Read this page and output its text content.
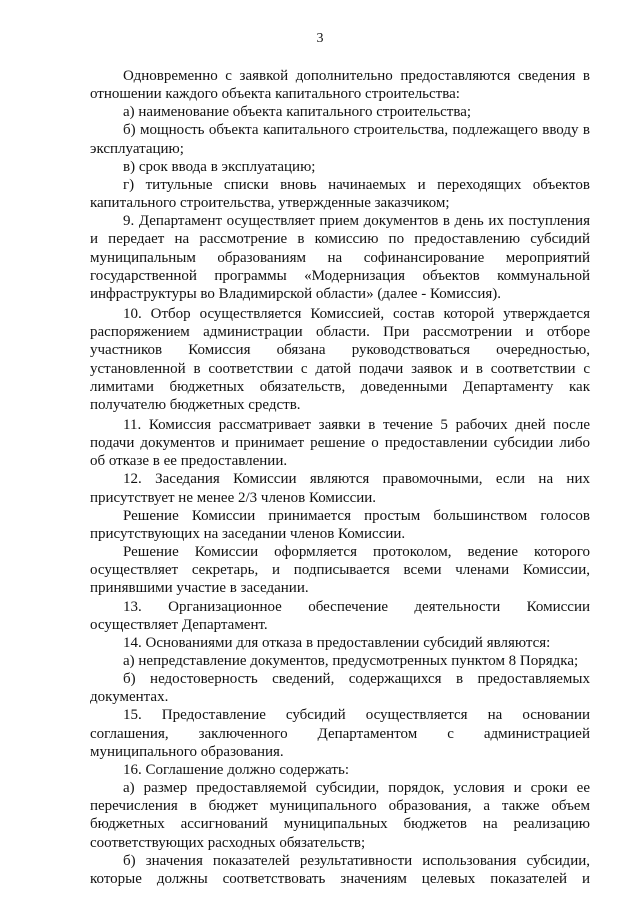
3

Одновременно с заявкой дополнительно предоставляются сведения в отношении каждого объекта капитального строительства:

а) наименование объекта капитального строительства;

б) мощность объекта капитального строительства, подлежащего вводу в эксплуатацию;

в) срок ввода в эксплуатацию;

г) титульные списки вновь начинаемых и переходящих объектов капитального строительства, утвержденные заказчиком;

9. Департамент осуществляет прием документов в день их поступления и передает на рассмотрение в комиссию по предоставлению субсидий муниципальным образованиям на софинансирование мероприятий государственной программы «Модернизация объектов коммунальной инфраструктуры во Владимирской области» (далее - Комиссия).

10. Отбор осуществляется Комиссией, состав которой утверждается распоряжением администрации области. При рассмотрении и отборе участников Комиссия обязана руководствоваться очередностью, установленной в соответствии с датой подачи заявок и в соответствии с лимитами бюджетных обязательств, доведенными Департаменту как получателю бюджетных средств.

11. Комиссия рассматривает заявки в течение 5 рабочих дней после подачи документов и принимает решение о предоставлении субсидии либо об отказе в ее предоставлении.

12. Заседания Комиссии являются правомочными, если на них присутствует не менее 2/3 членов Комиссии.

Решение Комиссии принимается простым большинством голосов присутствующих на заседании членов Комиссии.

Решение Комиссии оформляется протоколом, ведение которого осуществляет секретарь, и подписывается всеми членами Комиссии, принявшими участие в заседании.

13. Организационное обеспечение деятельности Комиссии осуществляет Департамент.

14. Основаниями для отказа в предоставлении субсидий являются:

а) непредставление документов, предусмотренных пунктом 8 Порядка;

б) недостоверность сведений, содержащихся в предоставляемых документах.

15. Предоставление субсидий осуществляется на основании соглашения, заключенного Департаментом с администрацией муниципального образования.

16. Соглашение должно содержать:

а) размер предоставляемой субсидии, порядок, условия и сроки ее перечисления в бюджет муниципального образования, а также объем бюджетных ассигнований муниципальных бюджетов на реализацию соответствующих расходных обязательств;

б) значения показателей результативности использования субсидии, которые должны соответствовать значениям целевых показателей и
